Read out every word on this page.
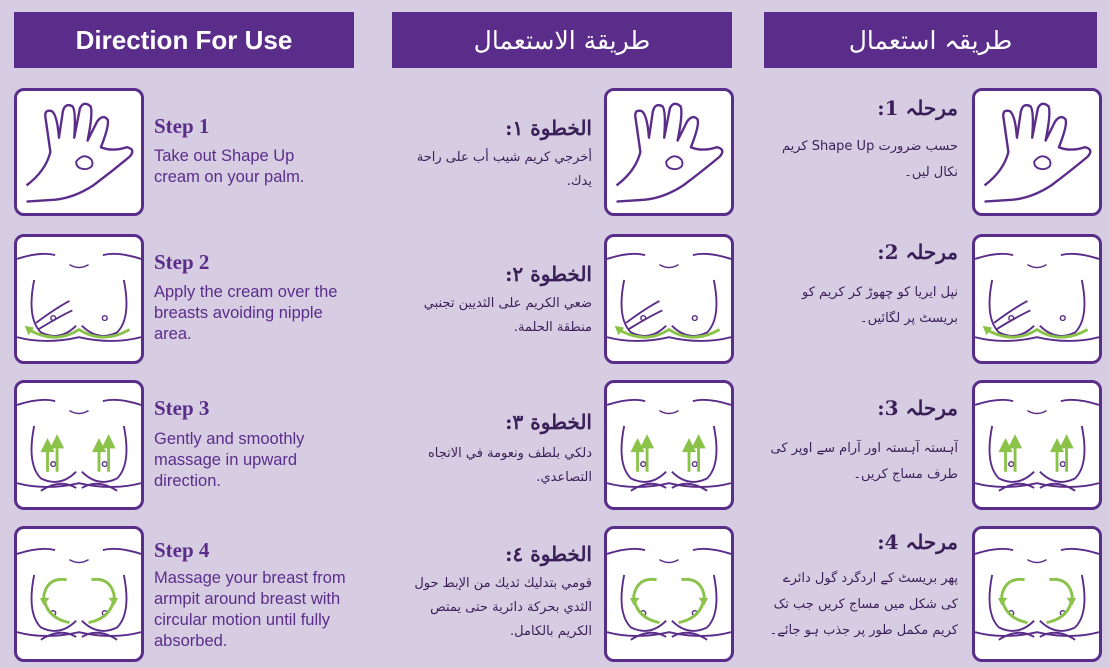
Direction For Use	طريقة الاستعمال	طریقہ استعمال
Step 1
Take out Shape Up cream on your palm.
الخطوة ١:
أخرجي كريم شيب أب على راحة يدك.
مرحلہ 1:
حسب ضرورت Shape Up کریم نکال لیں۔
Step 2
Apply the cream over the breasts avoiding nipple area.
الخطوة ٢:
ضعي الكريم على الثديين تجنبي منطقة الحلمة.
مرحلہ 2:
نپل ایریا کو چھوڑ کر کریم کو بریسٹ پر لگائیں۔
Step 3
Gently and smoothly massage in upward direction.
الخطوة ٣:
دلكي بلطف ونعومة في الاتجاه التصاعدي.
مرحلہ 3:
آہستہ آہستہ اور آرام سے اوپر کی طرف مساج کریں۔
Step 4
Massage your breast from armpit around breast with circular motion until fully absorbed.
الخطوة ٤:
قومي بتدليك ثديك من الإبط حول الثدي بحركة دائرية حتى يمتص الكريم بالكامل.
مرحلہ 4:
پھر بریسٹ کے اردگرد گول دائرے کی شکل میں مساج کریں جب تک کریم مکمل طور پر جذب ہو جائے۔
